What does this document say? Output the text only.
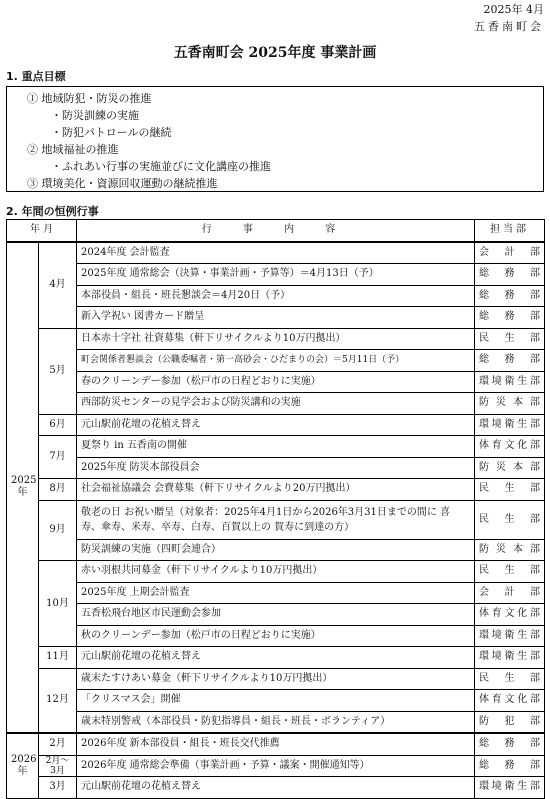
2025年 4月
五香南町会
五香南町会 2025年度 事業計画
1. 重点目標
① 地域防犯・防災の推進
・防災訓練の実施
・防犯パトロールの継続
② 地域福祉の推進
・ふれあい行事の実施並びに文化講座の推進
③ 環境美化・資源回収運動の継続推進
2. 年間の恒例行事
年 月		行 事 内 容	担当部
2025年	4月	2024年度 会計監査	会計部
		2025年度 通常総会（決算・事業計画・予算等）＝4月13日（予）	総務部
		本部役員・組長・班長懇談会＝4月20日（予）	総務部
		新入学祝い 図書カード贈呈	総務部
	5月	日本赤十字社 社資募集（軒下リサイクルより10万円拠出）	民生部
		町会関係者懇談会（公職委嘱者・第一高砂会・ひだまりの会）＝5月11日（予）	総務部
		春のクリーンデー参加（松戸市の日程どおりに実施）	環境衛生部
		西部防災センターの見学会および防災講和の実施	防災本部
	6月	元山駅前花壇の花植え替え	環境衛生部
	7月	夏祭り in 五香南の開催	体育文化部
		2025年度 防災本部役員会	防災本部
	8月	社会福祉協議会 会費募集（軒下リサイクルより20万円拠出）	民生部
	9月	敬老の日 お祝い贈呈（対象者：2025年4月1日から2026年3月31日までの間に 喜寿、傘寿、米寿、卒寿、白寿、百賀以上の 賀寿に到達の方）	民生部
		防災訓練の実施（四町会連合）	防災本部
	10月	赤い羽根共同募金（軒下リサイクルより10万円拠出）	民生部
		2025年度 上期会計監査	会計部
		五香松飛台地区市民運動会参加	体育文化部
		秋のクリーンデー参加（松戸市の日程どおりに実施）	環境衛生部
	11月	元山駅前花壇の花植え替え	環境衛生部
	12月	歳末たすけあい募金（軒下リサイクルより10万円拠出）	民生部
		「クリスマス会」開催	体育文化部
		歳末特別警戒（本部役員・防犯指導員・組長・班長・ボランティア）	防犯部
2026年	2月	2026年度 新本部役員・組長・班長交代推薦	総務部
	2月～3月	2026年度 通常総会準備（事業計画・予算・議案・開催通知等）	総務部
	3月	元山駅前花壇の花植え替え	環境衛生部
